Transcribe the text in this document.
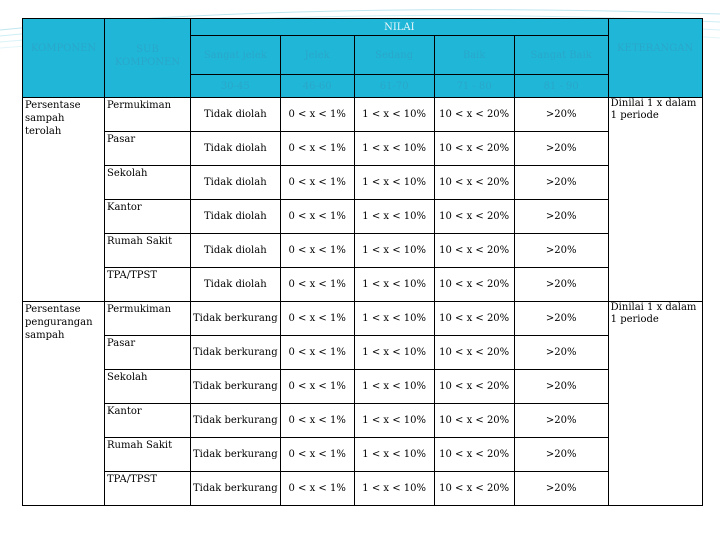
KOMPONEN	SUB KOMPONEN	NILAI					KETERANGAN
		Sangat jelek	Jelek	Sedang	Baik	Sangat Baik	
		30-45	46-60	61-70	71 - 80	81 - 90	
Persentase sampah terolah	Permukiman	Tidak diolah	0 < x < 1%	1 < x < 10%	10 < x < 20%	>20%	Dinilai 1 x dalam 1 periode
	Pasar	Tidak diolah	0 < x < 1%	1 < x < 10%	10 < x < 20%	>20%	
	Sekolah	Tidak diolah	0 < x < 1%	1 < x < 10%	10 < x < 20%	>20%	
	Kantor	Tidak diolah	0 < x < 1%	1 < x < 10%	10 < x < 20%	>20%	
	Rumah Sakit	Tidak diolah	0 < x < 1%	1 < x < 10%	10 < x < 20%	>20%	
	TPA/TPST	Tidak diolah	0 < x < 1%	1 < x < 10%	10 < x < 20%	>20%	
Persentase pengurangan sampah	Permukiman	Tidak berkurang	0 < x < 1%	1 < x < 10%	10 < x < 20%	>20%	Dinilai 1 x dalam 1 periode
	Pasar	Tidak berkurang	0 < x < 1%	1 < x < 10%	10 < x < 20%	>20%	
	Sekolah	Tidak berkurang	0 < x < 1%	1 < x < 10%	10 < x < 20%	>20%	
	Kantor	Tidak berkurang	0 < x < 1%	1 < x < 10%	10 < x < 20%	>20%	
	Rumah Sakit	Tidak berkurang	0 < x < 1%	1 < x < 10%	10 < x < 20%	>20%	
	TPA/TPST	Tidak berkurang	0 < x < 1%	1 < x < 10%	10 < x < 20%	>20%	
